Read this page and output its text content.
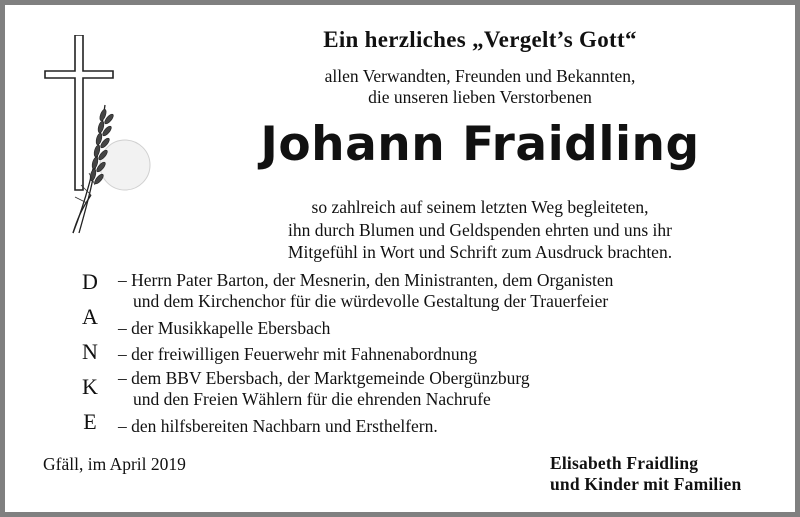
Ein herzliches „Vergelt’s Gott“
allen Verwandten, Freunden und Bekannten,
die unseren lieben Verstorbenen
Johann Fraidling
so zahlreich auf seinem letzten Weg begleiteten,
ihn durch Blumen und Geldspenden ehrten und uns ihr
Mitgefühl in Wort und Schrift zum Ausdruck brachten.
D
A
N
K
E
– Herrn Pater Barton, der Mesnerin, den Ministranten, dem Organisten
und dem Kirchenchor für die würdevolle Gestaltung der Trauerfeier
– der Musikkapelle Ebersbach
– der freiwilligen Feuerwehr mit Fahnenabordnung
– dem BBV Ebersbach, der Marktgemeinde Obergünzburg
und den Freien Wählern für die ehrenden Nachrufe
– den hilfsbereiten Nachbarn und Ersthelfern.
Gfäll, im April 2019	Elisabeth Fraidling
und Kinder mit Familien
